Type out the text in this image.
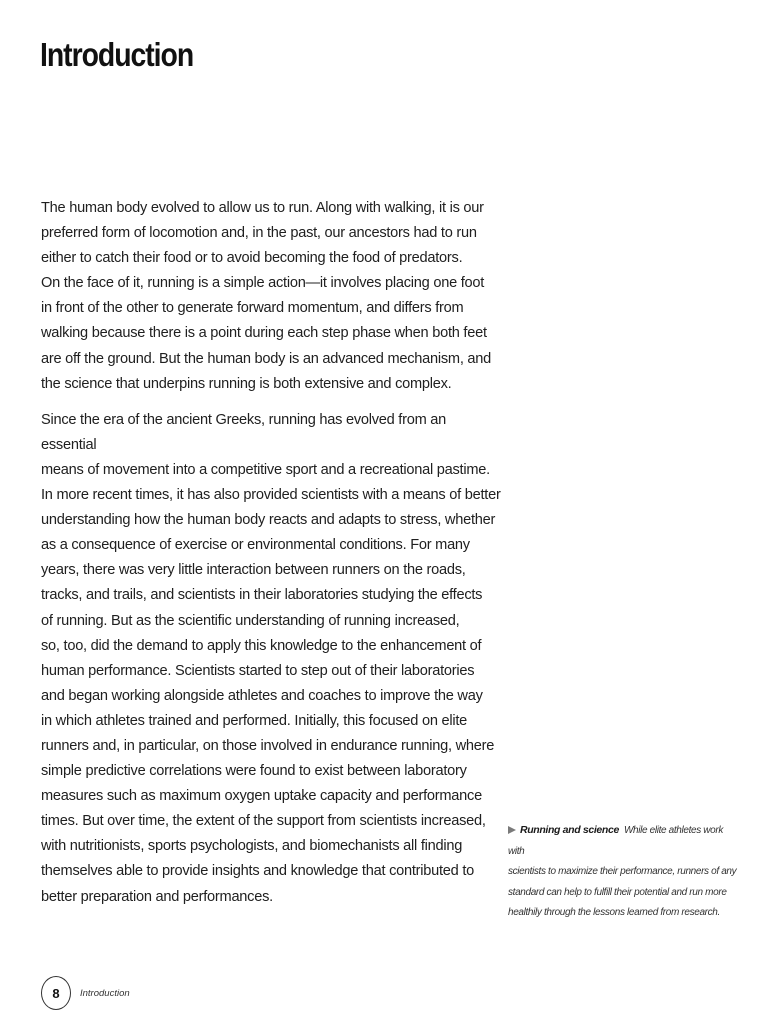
Introduction

The human body evolved to allow us to run. Along with walking, it is our
preferred form of locomotion and, in the past, our ancestors had to run
either to catch their food or to avoid becoming the food of predators.
On the face of it, running is a simple action—it involves placing one foot
in front of the other to generate forward momentum, and differs from
walking because there is a point during each step phase when both feet
are off the ground. But the human body is an advanced mechanism, and
the science that underpins running is both extensive and complex.

Since the era of the ancient Greeks, running has evolved from an essential
means of movement into a competitive sport and a recreational pastime.
In more recent times, it has also provided scientists with a means of better
understanding how the human body reacts and adapts to stress, whether
as a consequence of exercise or environmental conditions. For many
years, there was very little interaction between runners on the roads,
tracks, and trails, and scientists in their laboratories studying the effects
of running. But as the scientific understanding of running increased,
so, too, did the demand to apply this knowledge to the enhancement of
human performance. Scientists started to step out of their laboratories
and began working alongside athletes and coaches to improve the way
in which athletes trained and performed. Initially, this focused on elite
runners and, in particular, on those involved in endurance running, where
simple predictive correlations were found to exist between laboratory
measures such as maximum oxygen uptake capacity and performance
times. But over time, the extent of the support from scientists increased,
with nutritionists, sports psychologists, and biomechanists all finding
themselves able to provide insights and knowledge that contributed to
better preparation and performances.

Running and science While elite athletes work with
scientists to maximize their performance, runners of any
standard can help to fulfill their potential and run more
healthily through the lessons learned from research.
8	Introduction
